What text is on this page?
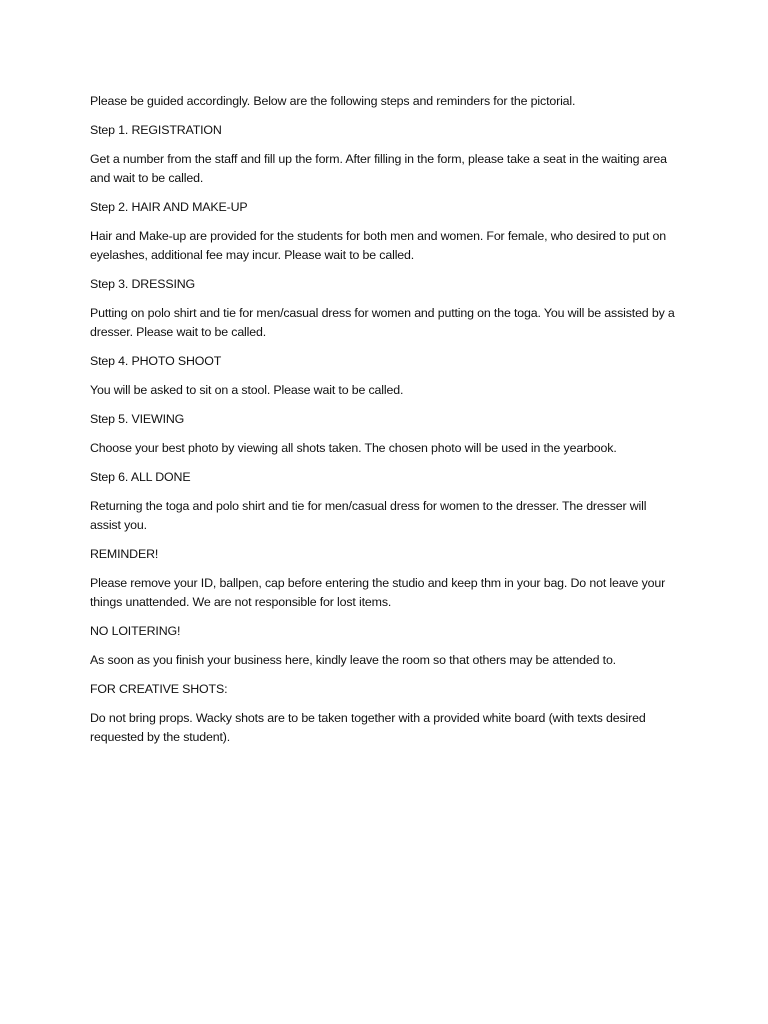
Please be guided accordingly. Below are the following steps and reminders for the pictorial.

Step 1. REGISTRATION

Get a number from the staff and fill up the form. After filling in the form, please take a seat in the waiting area and wait to be called.

Step 2. HAIR AND MAKE-UP

Hair and Make-up are provided for the students for both men and women. For female, who desired to put on eyelashes, additional fee may incur. Please wait to be called.

Step 3. DRESSING

Putting on polo shirt and tie for men/casual dress for women and putting on the toga. You will be assisted by a dresser. Please wait to be called.

Step 4. PHOTO SHOOT

You will be asked to sit on a stool. Please wait to be called.

Step 5. VIEWING

Choose your best photo by viewing all shots taken. The chosen photo will be used in the yearbook.

Step 6. ALL DONE

Returning the toga and polo shirt and tie for men/casual dress for women to the dresser. The dresser will assist you.

REMINDER!

Please remove your ID, ballpen, cap before entering the studio and keep thm in your bag. Do not leave your things unattended. We are not responsible for lost items.

NO LOITERING!

As soon as you finish your business here, kindly leave the room so that others may be attended to.

FOR CREATIVE SHOTS:

Do not bring props. Wacky shots are to be taken together with a provided white board (with texts desired requested by the student).
